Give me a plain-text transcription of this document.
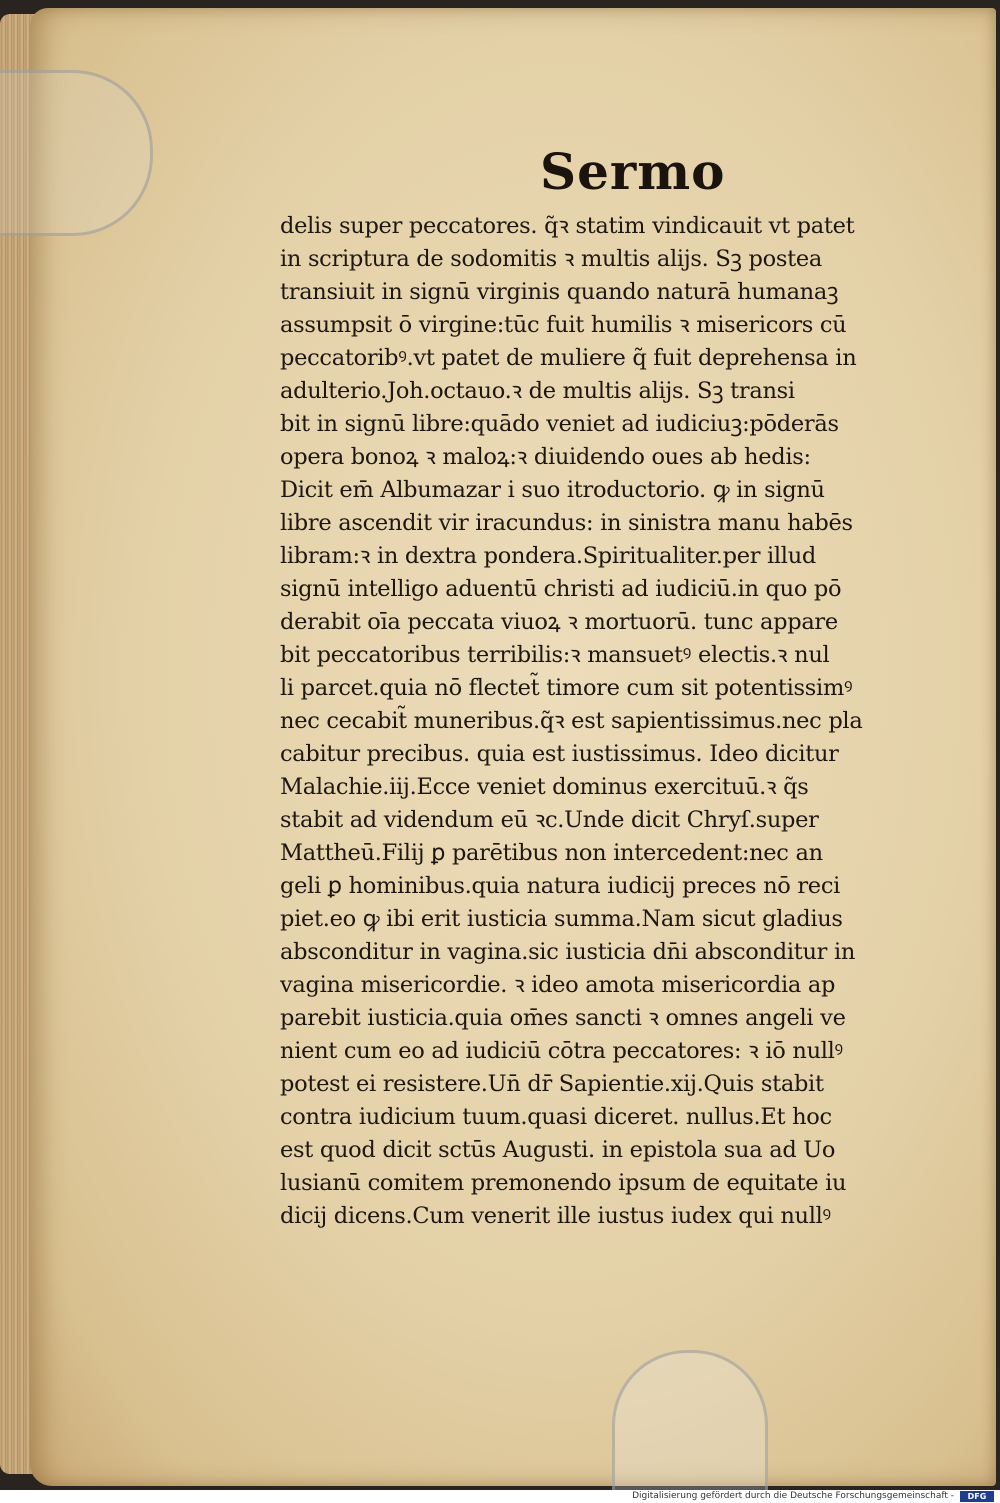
Sermo
delis super peccatores. q̃ꝛ statim vindicauit vt patet
in scriptura de sodomitis ꝛ multis alijs. Sꝫ postea
transiuit in signū virginis quando naturā humanaꝫ
assumpsit ō virgine:tūc fuit humilis ꝛ misericors cū
peccatoribꝰ.vt patet de muliere q̃ fuit deprehensa in
adulterio.Joh.octauo.ꝛ de multis alijs. Sꝫ transi
bit in signū libre:quādo veniet ad iudiciuꝫ:pōderās
opera bonoꝝ ꝛ maloꝝ:ꝛ diuidendo oues ab hedis:
Dicit em̄ Albumazar i suo itroductorio. ꝙ in signū
libre ascendit vir iracundus: in sinistra manu habēs
libram:ꝛ in dextra pondera.Spiritualiter.per illud
signū intelligo aduentū christi ad iudiciū.in quo pō
derabit oīa peccata viuoꝝ ꝛ mortuorū. tunc appare
bit peccatoribus terribilis:ꝛ mansuetꝰ electis.ꝛ nul
li parcet.quia nō flectet̃ timore cum sit potentissimꝰ
nec cecabit̃ muneribus.q̃ꝛ est sapientissimus.nec pla
cabitur precibus. quia est iustissimus. Ideo dicitur
Malachie.iij.Ecce veniet dominus exercituū.ꝛ q̃s
stabit ad videndum eū ꝛc.Unde dicit Chryſ.super
Mattheū.Filij ꝑ parētibus non intercedent:nec an
geli ꝑ hominibus.quia natura iudicij preces nō reci
piet.eo ꝙ ibi erit iusticia summa.Nam sicut gladius
absconditur in vagina.sic iusticia dn̄i absconditur in
vagina misericordie. ꝛ ideo amota misericordia ap
parebit iusticia.quia om̄es sancti ꝛ omnes angeli ve
nient cum eo ad iudiciū cōtra peccatores: ꝛ iō nullꝰ
potest ei resistere.Un̄ dr̄ Sapientie.xij.Quis stabit
contra iudicium tuum.quasi diceret. nullus.Et hoc
est quod dicit sctūs Augusti. in epistola sua ad Uo
lusianū comitem premonendo ipsum de equitate iu
dicij dicens.Cum venerit ille iustus iudex qui nullꝰ
Digitalisierung gefördert durch die Deutsche Forschungsgemeinschaft -	DFG
